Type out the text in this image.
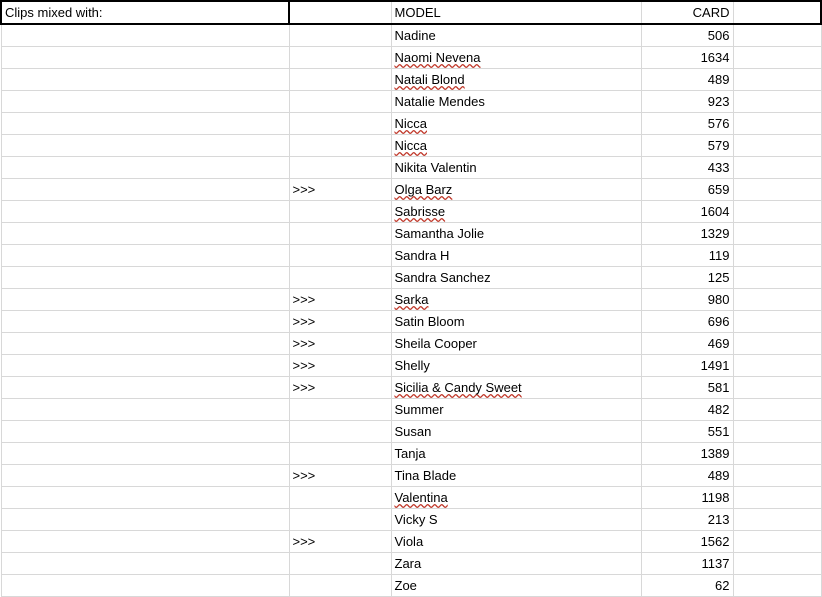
Clips mixed with:		MODEL	CARD	
		Nadine	506	
		Naomi Nevena	1634	
		Natali Blond	489	
		Natalie Mendes	923	
		Nicca	576	
		Nicca	579	
		Nikita Valentin	433	
	>>>	Olga Barz	659	
		Sabrisse	1604	
		Samantha Jolie	1329	
		Sandra H	119	
		Sandra Sanchez	125	
	>>>	Sarka	980	
	>>>	Satin Bloom	696	
	>>>	Sheila Cooper	469	
	>>>	Shelly	1491	
	>>>	Sicilia & Candy Sweet	581	
		Summer	482	
		Susan	551	
		Tanja	1389	
	>>>	Tina Blade	489	
		Valentina	1198	
		Vicky S	213	
	>>>	Viola	1562	
		Zara	1137	
		Zoe	62	
